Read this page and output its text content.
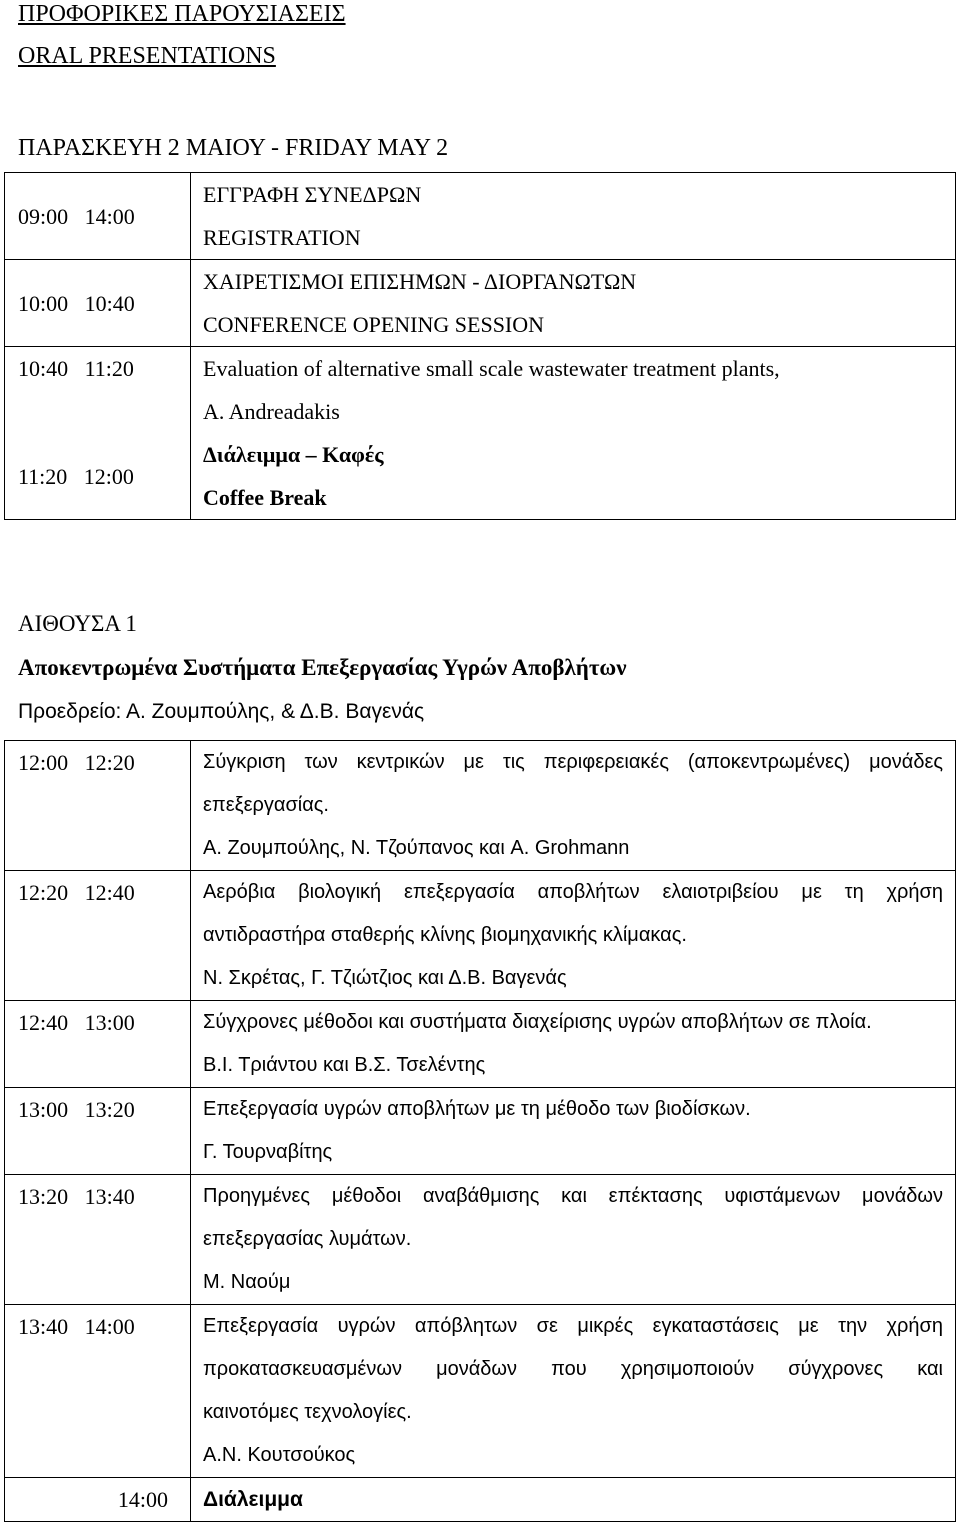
ΠΡΟΦΟΡΙΚΕΣ ΠΑΡΟΥΣΙΑΣΕΙΣ
ORAL PRESENTATIONS
ΠΑΡΑΣΚΕΥΗ 2 ΜΑΙΟΥ - FRIDAY MAY 2
09:00   14:00	ΕΓΓΡΑΦΗ ΣΥΝΕΔΡΩΝ
REGISTRATION

10:00   10:40	ΧΑΙΡΕΤΙΣΜΟΙ ΕΠΙΣΗΜΩΝ - ΔΙΟΡΓΑΝΩΤΩΝ
CONFERENCE OPENING SESSION

10:40   11:20	Evaluation of alternative small scale wastewater treatment plants,
A. Andreadakis

11:20   12:00	Διάλειμμα – Καφές
Coffee Break
ΑΙΘΟΥΣΑ 1
Αποκεντρωμένα Συστήματα Επεξεργασίας Υγρών Αποβλήτων
Προεδρείο: Α. Ζουμπούλης, & Δ.Β. Βαγενάς
12:00   12:20	Σύγκριση των κεντρικών με τις περιφερειακές (αποκεντρωμένες) μονάδες
επεξεργασίας.
Α. Ζουμπούλης, Ν. Τζούπανος και A. Grohmann

12:20   12:40	Αερόβια βιολογική επεξεργασία αποβλήτων ελαιοτριβείου με τη χρήση
αντιδραστήρα σταθερής κλίνης βιομηχανικής κλίμακας.
Ν. Σκρέτας, Γ. Τζιώτζιος και Δ.Β. Βαγενάς

12:40   13:00	Σύγχρονες μέθοδοι και συστήματα διαχείρισης υγρών αποβλήτων σε πλοία.
Β.Ι. Τριάντου και Β.Σ. Τσελέντης

13:00   13:20	Επεξεργασία υγρών αποβλήτων με τη μέθοδο των βιοδίσκων.
Γ. Τουρναβίτης

13:20   13:40	Προηγμένες μέθοδοι αναβάθμισης και επέκτασης υφιστάμενων μονάδων
επεξεργασίας λυμάτων.
Μ. Ναούμ

13:40   14:00	Επεξεργασία υγρών απόβλητων σε μικρές εγκαταστάσεις με την χρήση
προκατασκευασμένων μονάδων που χρησιμοποιούν σύγχρονες και
καινοτόμες τεχνολογίες.
Α.Ν. Κουτσούκος

14:00	Διάλειμμα
